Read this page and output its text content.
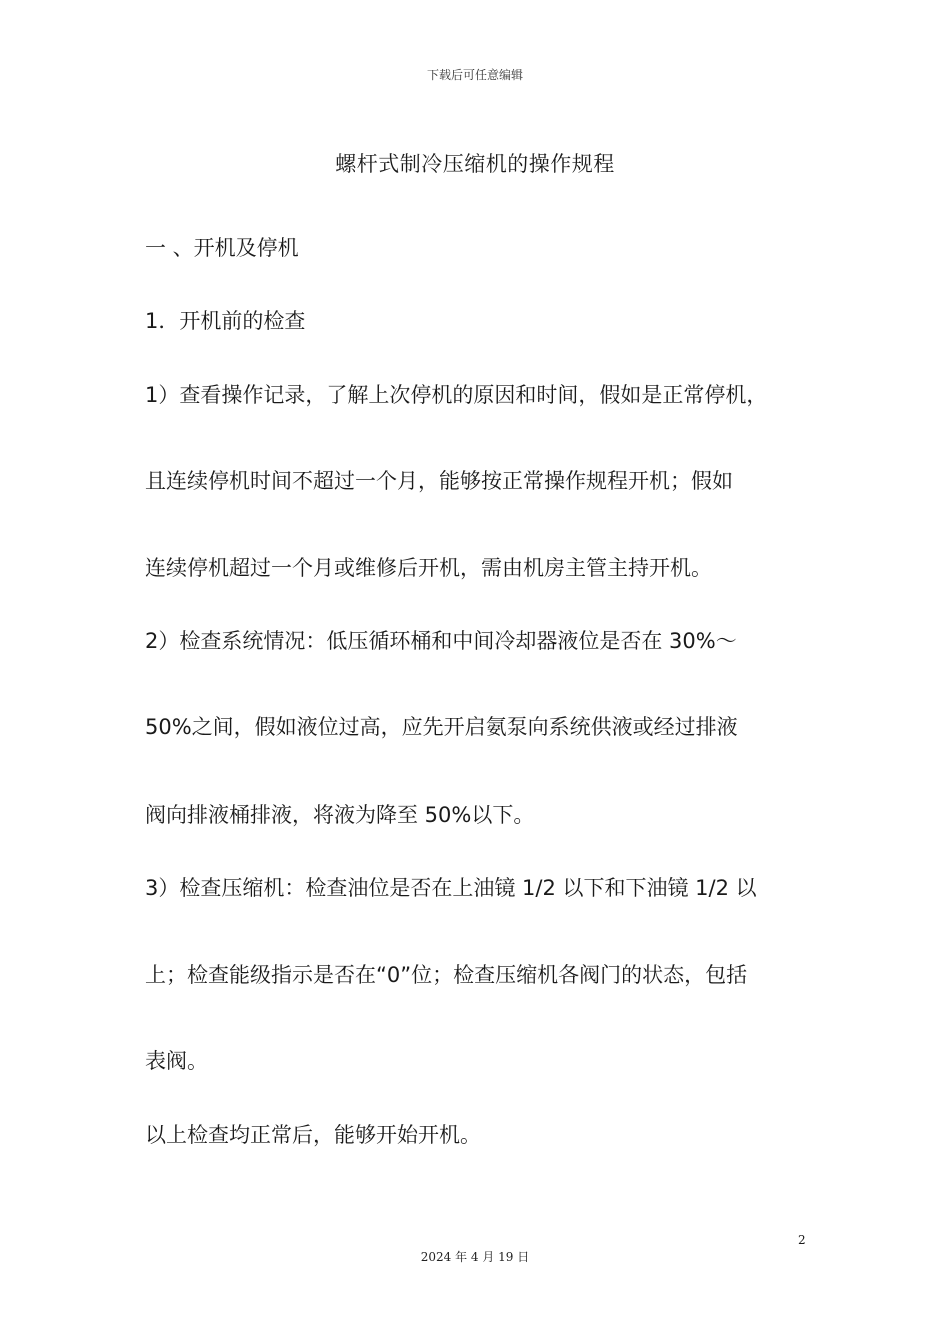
下载后可任意编辑
螺杆式制冷压缩机的操作规程
一 、开机及停机
1．开机前的检查
1）查看操作记录，了解上次停机的原因和时间，假如是正常停机，
且连续停机时间不超过一个月，能够按正常操作规程开机；假如
连续停机超过一个月或维修后开机，需由机房主管主持开机。
2）检查系统情况：低压循环桶和中间冷却器液位是否在 30%～
50%之间，假如液位过高，应先开启氨泵向系统供液或经过排液
阀向排液桶排液，将液为降至 50%以下。
3）检查压缩机：检查油位是否在上油镜 1/2 以下和下油镜 1/2 以
上；检查能级指示是否在“0”位；检查压缩机各阀门的状态，包括
表阀。
以上检查均正常后，能够开始开机。
2
2024 年 4 月 19 日
